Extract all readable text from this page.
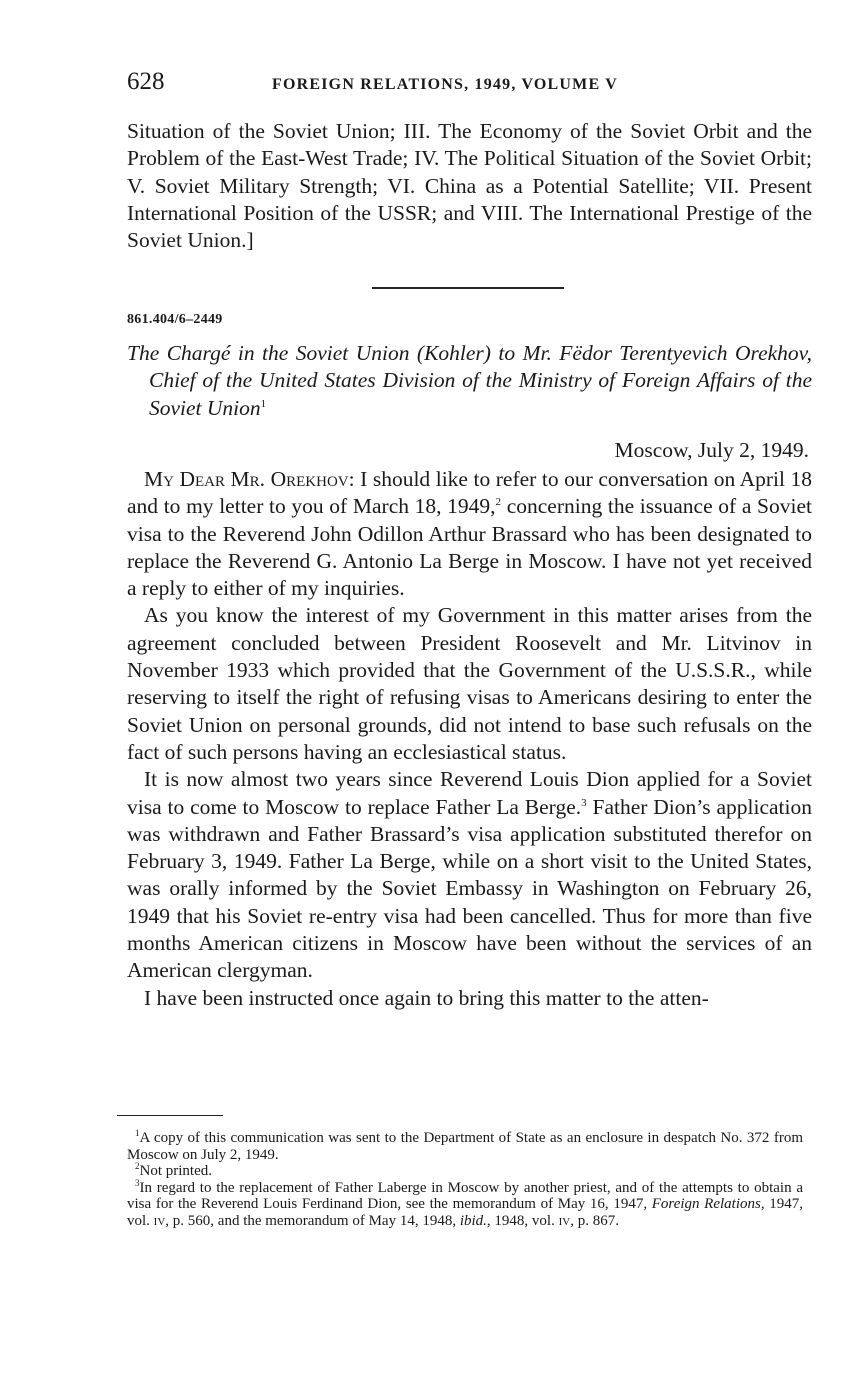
628	FOREIGN RELATIONS, 1949, VOLUME V
Situation of the Soviet Union; III. The Economy of the Soviet Orbit and the Problem of the East-West Trade; IV. The Political Situation of the Soviet Orbit; V. Soviet Military Strength; VI. China as a Potential Satellite; VII. Present International Position of the USSR; and VIII. The International Prestige of the Soviet Union.]
861.404/6–2449
The Chargé in the Soviet Union (Kohler) to Mr. Fëdor Terentyevich Orekhov, Chief of the United States Division of the Ministry of Foreign Affairs of the Soviet Union$^1$
Moscow, July 2, 1949.

My Dear Mr. Orekhov: I should like to refer to our conversation on April 18 and to my letter to you of March 18, 1949,$^2$ concerning the issuance of a Soviet visa to the Reverend John Odillon Arthur Brassard who has been designated to replace the Reverend G. Antonio La Berge in Moscow. I have not yet received a reply to either of my inquiries.

As you know the interest of my Government in this matter arises from the agreement concluded between President Roosevelt and Mr. Litvinov in November 1933 which provided that the Government of the U.S.S.R., while reserving to itself the right of refusing visas to Americans desiring to enter the Soviet Union on personal grounds, did not intend to base such refusals on the fact of such persons having an ecclesiastical status.

It is now almost two years since Reverend Louis Dion applied for a Soviet visa to come to Moscow to replace Father La Berge.$^3$ Father Dion’s application was withdrawn and Father Brassard’s visa application substituted therefor on February 3, 1949. Father La Berge, while on a short visit to the United States, was orally informed by the Soviet Embassy in Washington on February 26, 1949 that his Soviet re-entry visa had been cancelled. Thus for more than five months American citizens in Moscow have been without the services of an American clergyman.

I have been instructed once again to bring this matter to the atten-

$^1$A copy of this communication was sent to the Department of State as an enclosure in despatch No. 372 from Moscow on July 2, 1949.

$^2$Not printed.

$^3$In regard to the replacement of Father Laberge in Moscow by another priest, and of the attempts to obtain a visa for the Reverend Louis Ferdinand Dion, see the memorandum of May 16, 1947, Foreign Relations, 1947, vol. iv, p. 560, and the memorandum of May 14, 1948, ibid., 1948, vol. iv, p. 867.
